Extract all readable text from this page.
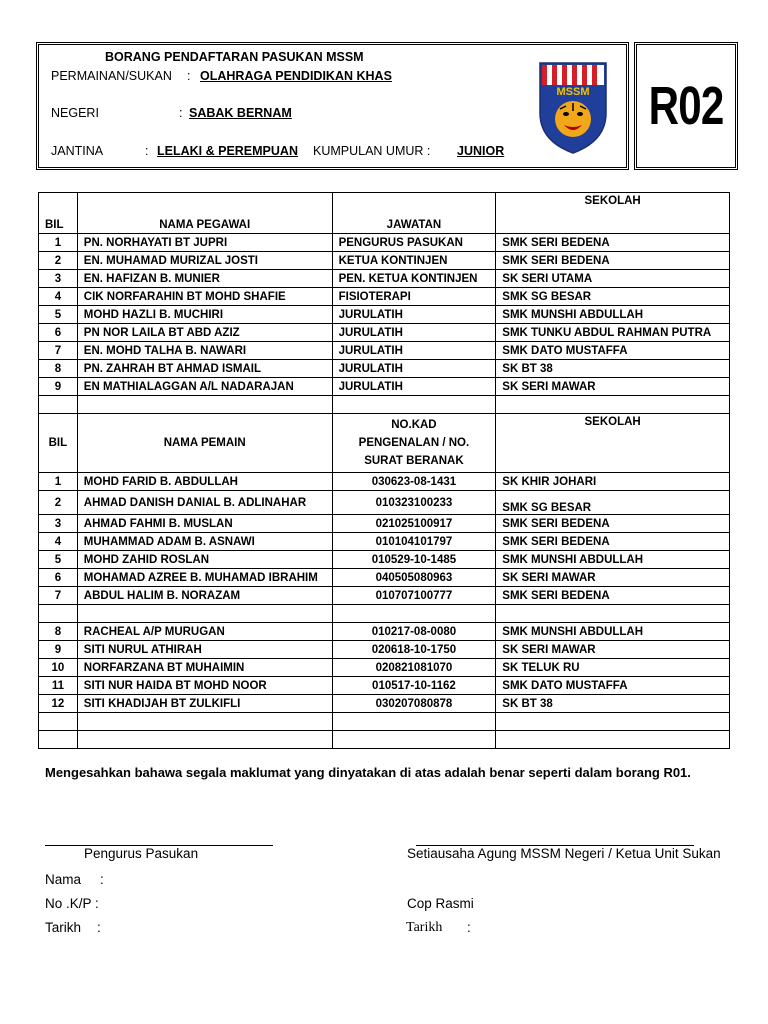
BORANG PENDAFTARAN PASUKAN MSSM
PERMAINAN/SUKAN : OLAHRAGA PENDIDIKAN KHAS
NEGERI	: SABAK BERNAM
JANTINA	: LELAKI & PEREMPUAN KUMPULAN UMUR : JUNIOR
MSSM R02
BIL	NAMA PEGAWAI	JAWATAN	SEKOLAH
1	PN. NORHAYATI BT JUPRI	PENGURUS PASUKAN	SMK SERI BEDENA
2	EN. MUHAMAD MURIZAL JOSTI	KETUA KONTINJEN	SMK SERI BEDENA
3	EN. HAFIZAN B. MUNIER	PEN. KETUA KONTINJEN	SK SERI UTAMA
4	CIK NORFARAHIN BT MOHD SHAFIE	FISIOTERAPI	SMK SG BESAR
5	MOHD HAZLI B. MUCHIRI	JURULATIH	SMK MUNSHI ABDULLAH
6	PN NOR LAILA BT ABD AZIZ	JURULATIH	SMK TUNKU ABDUL RAHMAN PUTRA
7	EN. MOHD TALHA B. NAWARI	JURULATIH	SMK DATO MUSTAFFA
8	PN. ZAHRAH BT AHMAD ISMAIL	JURULATIH	SK BT 38
9	EN MATHIALAGGAN A/L NADARAJAN	JURULATIH	SK SERI MAWAR

BIL	NAMA PEMAIN	NO.KAD
PENGENALAN / NO.
SURAT BERANAK	SEKOLAH
1	MOHD FARID B. ABDULLAH	030623-08-1431	SK KHIR JOHARI
2	AHMAD DANISH DANIAL B. ADLINAHAR	010323100233	SMK SG BESAR
3	AHMAD FAHMI B. MUSLAN	021025100917	SMK SERI BEDENA
4	MUHAMMAD ADAM B. ASNAWI	010104101797	SMK SERI BEDENA
5	MOHD ZAHID ROSLAN	010529-10-1485	SMK MUNSHI ABDULLAH
6	MOHAMAD AZREE B. MUHAMAD IBRAHIM	040505080963	SK SERI MAWAR
7	ABDUL HALIM B. NORAZAM	010707100777	SMK SERI BEDENA

8	RACHEAL A/P MURUGAN	010217-08-0080	SMK MUNSHI ABDULLAH
9	SITI NURUL ATHIRAH	020618-10-1750	SK SERI MAWAR
10	NORFARZANA BT MUHAIMIN	020821081070	SK TELUK RU
11	SITI NUR HAIDA BT MOHD NOOR	010517-10-1162	SMK DATO MUSTAFFA
12	SITI KHADIJAH BT ZULKIFLI	030207080878	SK BT 38

Mengesahkan bahawa segala maklumat yang dinyatakan di atas adalah benar seperti dalam borang R01.
Pengurus Pasukan	Setiausaha Agung MSSM Negeri / Ketua Unit Sukan
Nama :
No .K/P :	Cop Rasmi
Tarikh :	Tarikh :
